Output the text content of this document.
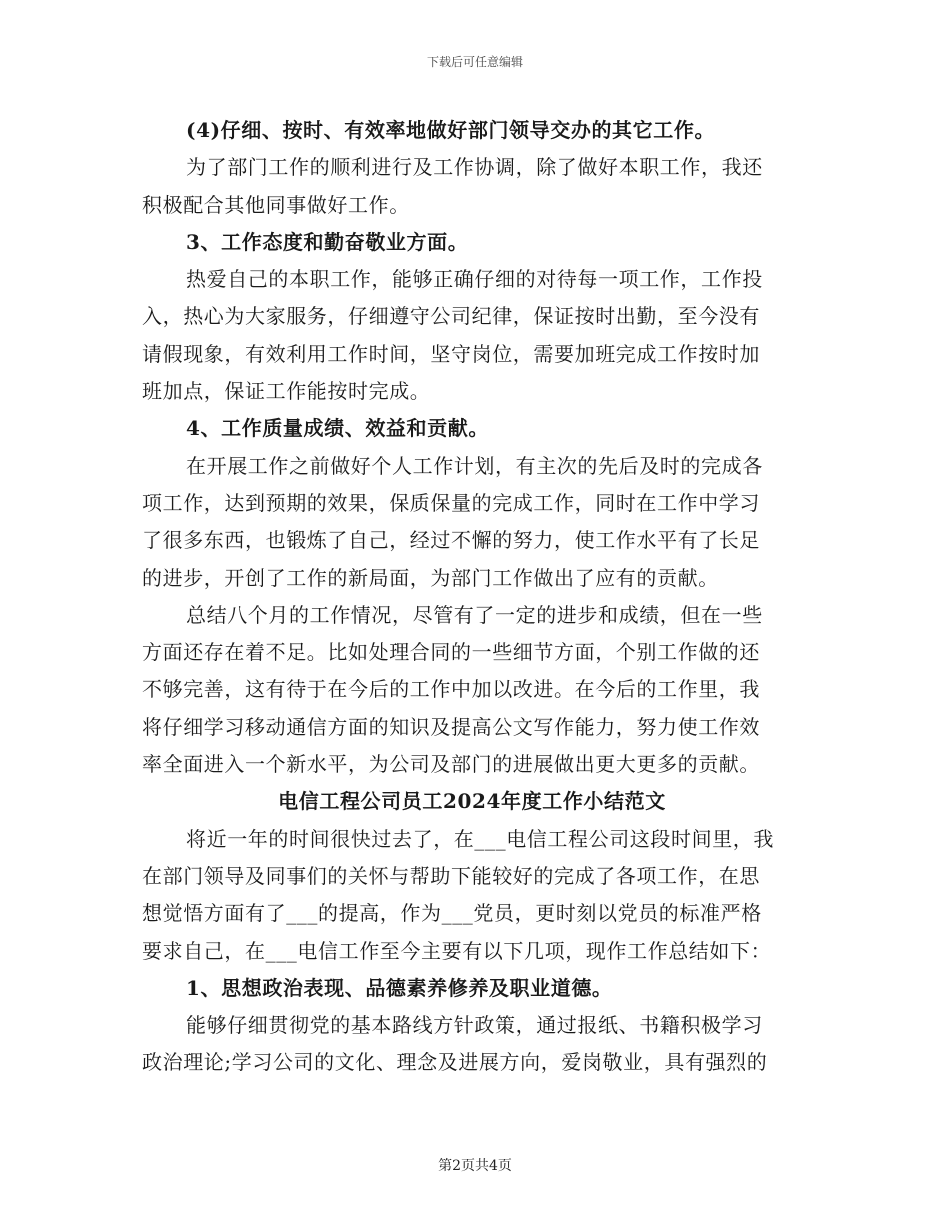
下载后可任意编辑
(4)仔细、按时、有效率地做好部门领导交办的其它工作。
为了部门工作的顺利进行及工作协调，除了做好本职工作，我还
积极配合其他同事做好工作。
3、工作态度和勤奋敬业方面。
热爱自己的本职工作，能够正确仔细的对待每一项工作，工作投
入，热心为大家服务，仔细遵守公司纪律，保证按时出勤，至今没有
请假现象，有效利用工作时间，坚守岗位，需要加班完成工作按时加
班加点，保证工作能按时完成。
4、工作质量成绩、效益和贡献。
在开展工作之前做好个人工作计划，有主次的先后及时的完成各
项工作，达到预期的效果，保质保量的完成工作，同时在工作中学习
了很多东西，也锻炼了自己，经过不懈的努力，使工作水平有了长足
的进步，开创了工作的新局面，为部门工作做出了应有的贡献。
总结八个月的工作情况，尽管有了一定的进步和成绩，但在一些
方面还存在着不足。比如处理合同的一些细节方面，个别工作做的还
不够完善，这有待于在今后的工作中加以改进。在今后的工作里，我
将仔细学习移动通信方面的知识及提高公文写作能力，努力使工作效
率全面进入一个新水平，为公司及部门的进展做出更大更多的贡献。
电信工程公司员工2024年度工作小结范文
将近一年的时间很快过去了，在___电信工程公司这段时间里，我
在部门领导及同事们的关怀与帮助下能较好的完成了各项工作，在思
想觉悟方面有了___的提高，作为___党员，更时刻以党员的标准严格
要求自己，在___电信工作至今主要有以下几项，现作工作总结如下：
1、思想政治表现、品德素养修养及职业道德。
能够仔细贯彻党的基本路线方针政策，通过报纸、书籍积极学习
政治理论;学习公司的文化、理念及进展方向，爱岗敬业，具有强烈的
第2页共4页
